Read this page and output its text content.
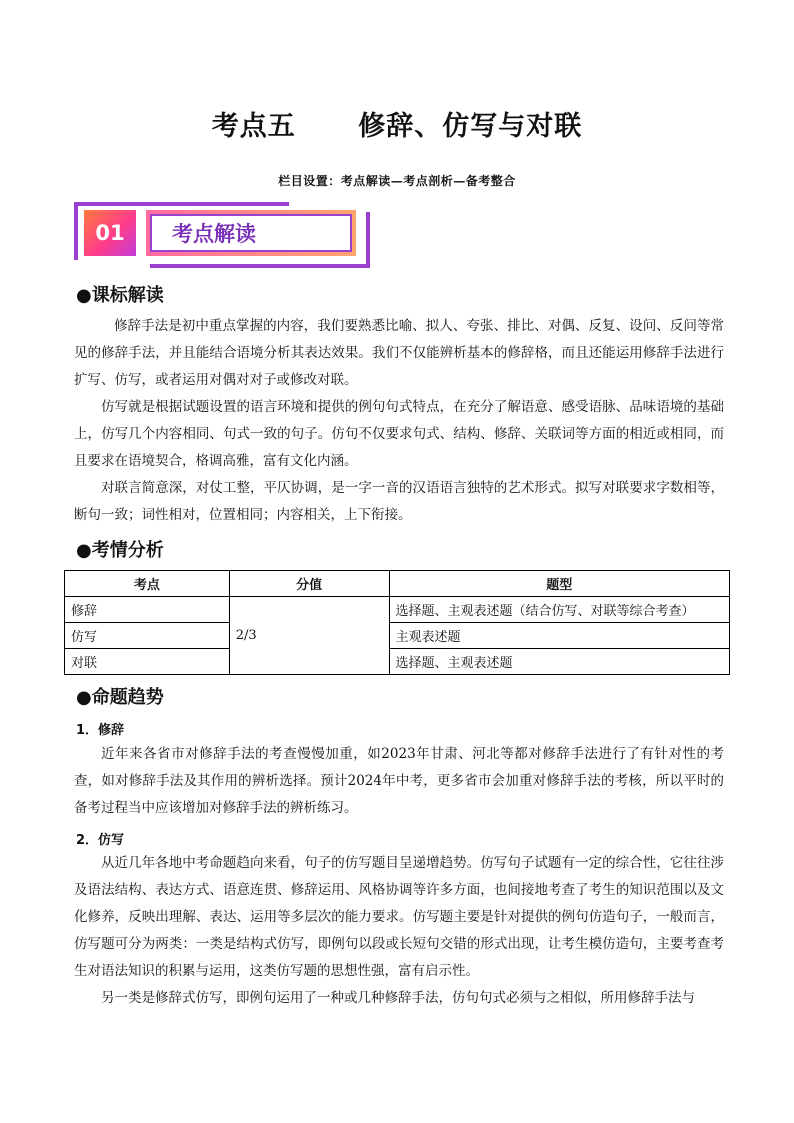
考点五      修辞、仿写与对联
栏目设置：考点解读—考点剖析—备考整合
01	考点解读
●课标解读

修辞手法是初中重点掌握的内容，我们要熟悉比喻、拟人、夸张、排比、对偶、反复、设问、反问等常见的修辞手法，并且能结合语境分析其表达效果。我们不仅能辨析基本的修辞格，而且还能运用修辞手法进行扩写、仿写，或者运用对偶对对子或修改对联。

仿写就是根据试题设置的语言环境和提供的例句句式特点，在充分了解语意、感受语脉、品味语境的基础上，仿写几个内容相同、句式一致的句子。仿句不仅要求句式、结构、修辞、关联词等方面的相近或相同，而且要求在语境契合，格调高雅，富有文化内涵。

对联言简意深，对仗工整，平仄协调，是一字一音的汉语语言独特的艺术形式。拟写对联要求字数相等，断句一致；词性相对，位置相同；内容相关，上下衔接。

●考情分析
考点	分值	题型
修辞	2/3	选择题、主观表述题（结合仿写、对联等综合考查）
仿写		主观表述题
对联		选择题、主观表述题
●命题趋势
1．修辞

近年来各省市对修辞手法的考查慢慢加重，如2023年甘肃、河北等都对修辞手法进行了有针对性的考查，如对修辞手法及其作用的辨析选择。预计2024年中考，更多省市会加重对修辞手法的考核，所以平时的备考过程当中应该增加对修辞手法的辨析练习。

2．仿写

从近几年各地中考命题趋向来看，句子的仿写题目呈递增趋势。仿写句子试题有一定的综合性，它往往涉及语法结构、表达方式、语意连贯、修辞运用、风格协调等许多方面，也间接地考查了考生的知识范围以及文化修养，反映出理解、表达、运用等多层次的能力要求。仿写题主要是针对提供的例句仿造句子，一般而言，仿写题可分为两类：一类是结构式仿写，即例句以段或长短句交错的形式出现，让考生模仿造句，主要考查考生对语法知识的积累与运用，这类仿写题的思想性强，富有启示性。

另一类是修辞式仿写，即例句运用了一种或几种修辞手法，仿句句式必须与之相似，所用修辞手法与
